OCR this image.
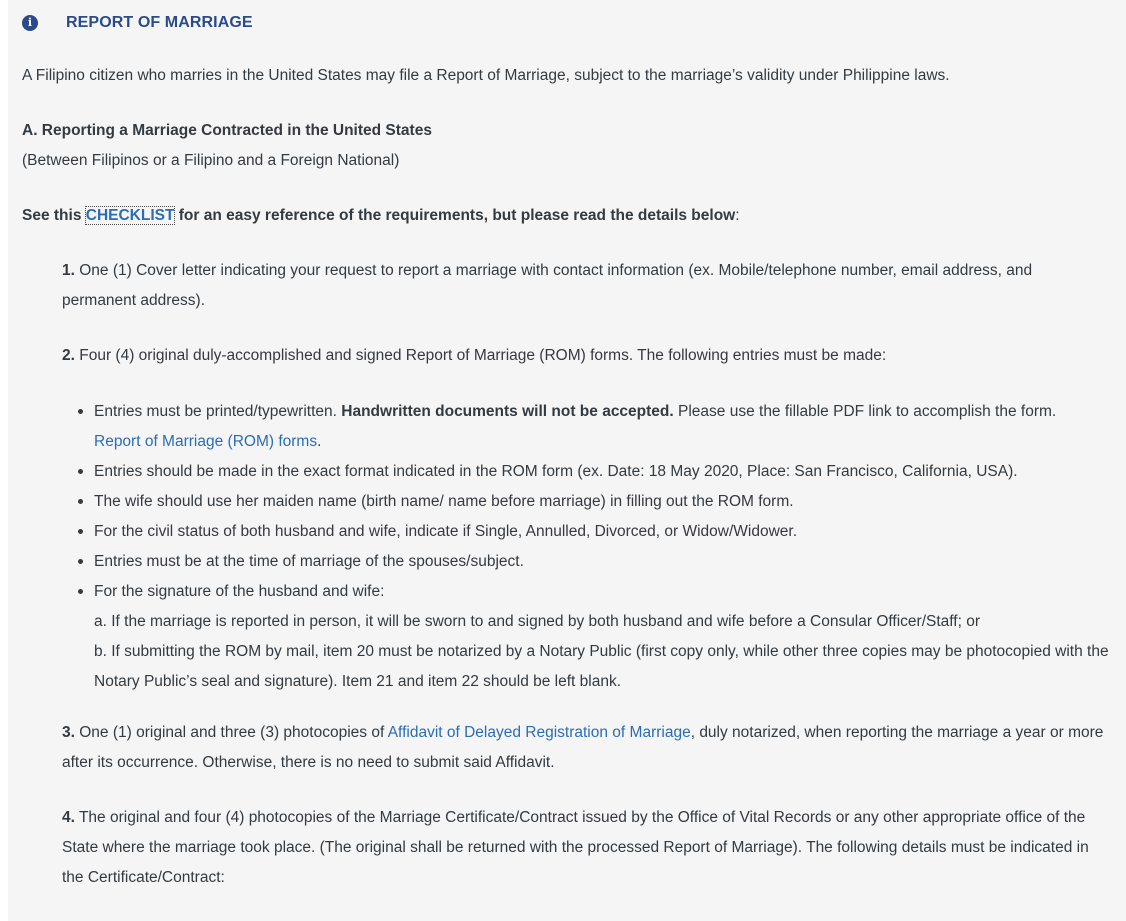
i	REPORT OF MARRIAGE

A Filipino citizen who marries in the United States may file a Report of Marriage, subject to the marriage’s validity under Philippine laws.

A. Reporting a Marriage Contracted in the United States

(Between Filipinos or a Filipino and a Foreign National)

See this CHECKLIST for an easy reference of the requirements, but please read the details below:

1. One (1) Cover letter indicating your request to report a marriage with contact information (ex. Mobile/telephone number, email address, and permanent address).

2. Four (4) original duly-accomplished and signed Report of Marriage (ROM) forms. The following entries must be made:

Entries must be printed/typewritten. Handwritten documents will not be accepted. Please use the fillable PDF link to accomplish the form.
Report of Marriage (ROM) forms.
Entries should be made in the exact format indicated in the ROM form (ex. Date: 18 May 2020, Place: San Francisco, California, USA).
The wife should use her maiden name (birth name/ name before marriage) in filling out the ROM form.
For the civil status of both husband and wife, indicate if Single, Annulled, Divorced, or Widow/Widower.
Entries must be at the time of marriage of the spouses/subject.
For the signature of the husband and wife:
a. If the marriage is reported in person, it will be sworn to and signed by both husband and wife before a Consular Officer/Staff; or
b. If submitting the ROM by mail, item 20 must be notarized by a Notary Public (first copy only, while other three copies may be photocopied with the Notary Public’s seal and signature). Item 21 and item 22 should be left blank.

3. One (1) original and three (3) photocopies of Affidavit of Delayed Registration of Marriage, duly notarized, when reporting the marriage a year or more after its occurrence. Otherwise, there is no need to submit said Affidavit.

4. The original and four (4) photocopies of the Marriage Certificate/Contract issued by the Office of Vital Records or any other appropriate office of the State where the marriage took place. (The original shall be returned with the processed Report of Marriage). The following details must be indicated in the Certificate/Contract:
